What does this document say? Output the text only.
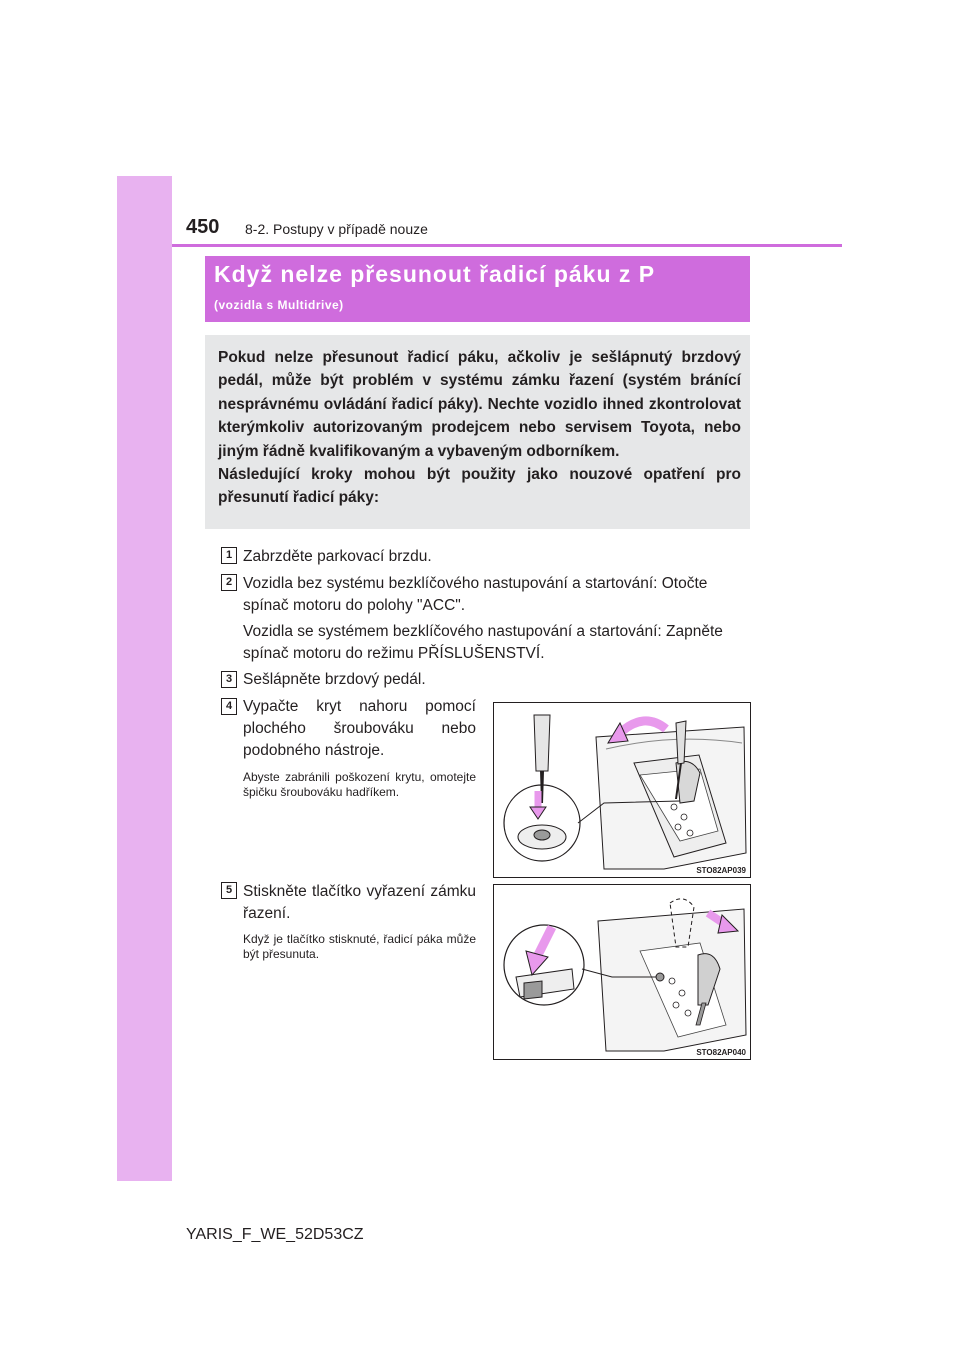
450 8-2. Postupy v případě nouze
Když nelze přesunout řadicí páku z P
(vozidla s Multidrive)

Pokud nelze přesunout řadicí páku, ačkoliv je sešlápnutý brzdový pedál, může být problém v systému zámku řazení (systém bránící nesprávnému ovládání řadicí páky). Nechte vozidlo ihned zkontrolovat kterýmkoliv autorizovaným prodejcem nebo servisem Toyota, nebo jiným řádně kvalifikovaným a vybaveným odborníkem.

Následující kroky mohou být použity jako nouzové opatření pro přesunutí řadicí páky:

1 Zabrzděte parkovací brzdu.
2 Vozidla bez systému bezklíčového nastupování a startování: Otočte spínač motoru do polohy "ACC".
Vozidla se systémem bezklíčového nastupování a startování: Zapněte spínač motoru do režimu PŘÍSLUŠENSTVÍ.
3 Sešlápněte brzdový pedál.
4 Vypačte kryt nahoru pomocí plochého šroubováku nebo podobného nástroje.
Abyste zabránili poškození krytu, omotejte špičku šroubováku hadříkem.
5 Stiskněte tlačítko vyřazení zámku řazení.
Když je tlačítko stisknuté, řadicí páka může být přesunuta.
STO82AP039
STO82AP040
YARIS_F_WE_52D53CZ
